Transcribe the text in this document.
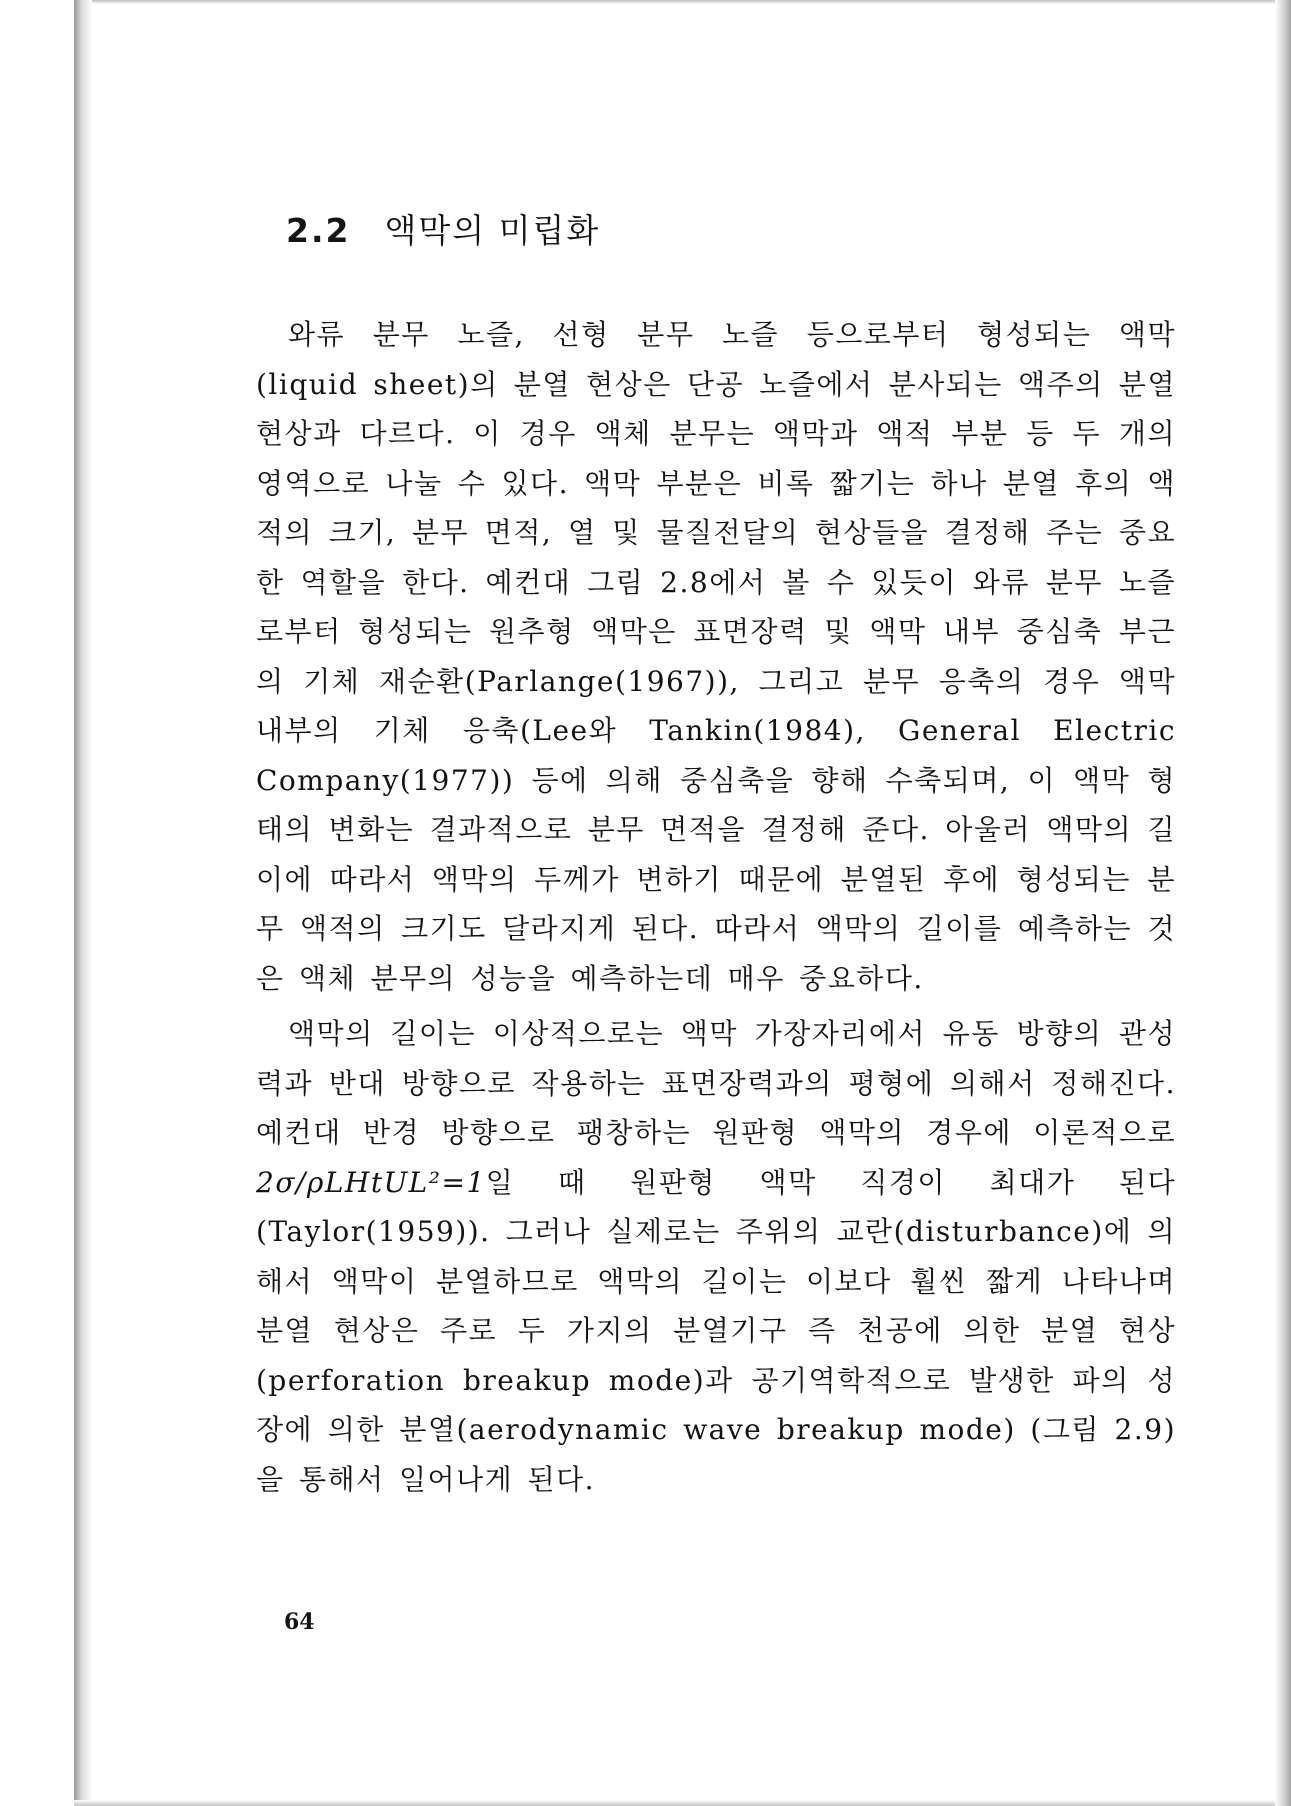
2.2 액막의 미립화

와류 분무 노즐, 선형 분무 노즐 등으로부터 형성되는 액막 (liquid sheet)의 분열 현상은 단공 노즐에서 분사되는 액주의 분열 현상과 다르다. 이 경우 액체 분무는 액막과 액적 부분 등 두 개의 영역으로 나눌 수 있다. 액막 부분은 비록 짧기는 하나 분열 후의 액적의 크기, 분무 면적, 열 및 물질전달의 현상들을 결정해 주는 중요한 역할을 한다. 예컨대 그림 2.8에서 볼 수 있듯이 와류 분무 노즐로부터 형성되는 원추형 액막은 표면장력 및 액막 내부 중심축 부근의 기체 재순환(Parlange(1967)), 그리고 분무 응축의 경우 액막 내부의 기체 응축(Lee와 Tankin(1984), General Electric Company(1977)) 등에 의해 중심축을 향해 수축되며, 이 액막 형태의 변화는 결과적으로 분무 면적을 결정해 준다. 아울러 액막의 길이에 따라서 액막의 두께가 변하기 때문에 분열된 후에 형성되는 분무 액적의 크기도 달라지게 된다. 따라서 액막의 길이를 예측하는 것은 액체 분무의 성능을 예측하는데 매우 중요하다.

액막의 길이는 이상적으로는 액막 가장자리에서 유동 방향의 관성력과 반대 방향으로 작용하는 표면장력과의 평형에 의해서 정해진다. 예컨대 반경 방향으로 팽창하는 원판형 액막의 경우에 이론적으로 2σ/ρLHtUL²=1일 때 원판형 액막 직경이 최대가 된다(Taylor(1959)). 그러나 실제로는 주위의 교란(disturbance)에 의해서 액막이 분열하므로 액막의 길이는 이보다 훨씬 짧게 나타나며 분열 현상은 주로 두 가지의 분열기구 즉 천공에 의한 분열 현상(perforation breakup mode)과 공기역학적으로 발생한 파의 성장에 의한 분열(aerodynamic wave breakup mode) (그림 2.9)을 통해서 일어나게 된다.

64
